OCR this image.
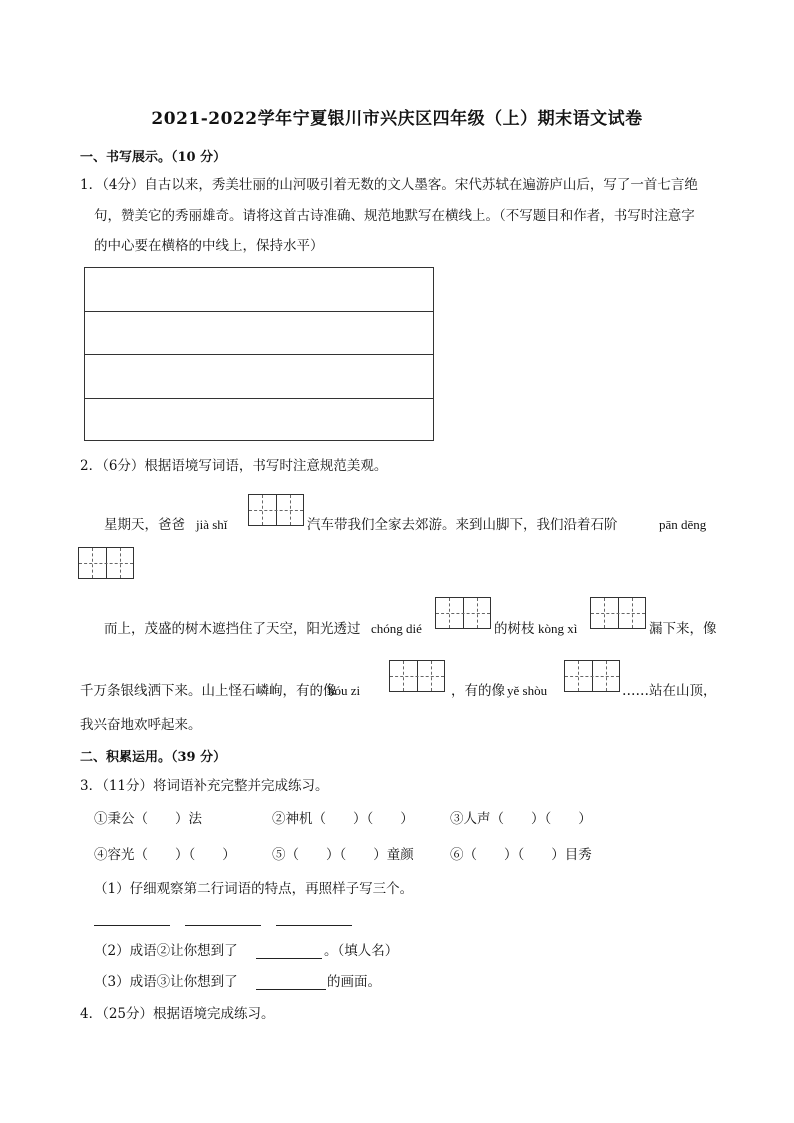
2021-2022学年宁夏银川市兴庆区四年级（上）期末语文试卷
一、书写展示。（10 分）
1．（4分）自古以来，秀美壮丽的山河吸引着无数的文人墨客。宋代苏轼在遍游庐山后，写了一首七言绝
句，赞美它的秀丽雄奇。请将这首古诗准确、规范地默写在横线上。（不写题目和作者，书写时注意字
的中心要在横格的中线上，保持水平）
2．（6分）根据语境写词语，书写时注意规范美观。
星期天，爸爸 jià shǐ	汽车带我们全家去郊游。来到山脚下，我们沿着石阶	pān dēng
而上，茂盛的树木遮挡住了天空，阳光透过 chóng dié	的树枝 kòng xì	漏下来，像
千万条银线洒下来。山上怪石嶙峋，有的像
hóu zi	，有的像 yě shòu	……站在山顶，
我兴奋地欢呼起来。
二、积累运用。（39 分）
3．（11分）将词语补充完整并完成练习。
①秉公（　　）法	②神机（　　）（　　）	③人声（　　）（　　）
④容光（　　）（　　）	⑤（　　）（　　）童颜	⑥（　　）（　　）目秀
（1）仔细观察第二行词语的特点，再照样子写三个。
（2）成语②让你想到了	。（填人名）
（3）成语③让你想到了	的画面。
4．（25分）根据语境完成练习。
